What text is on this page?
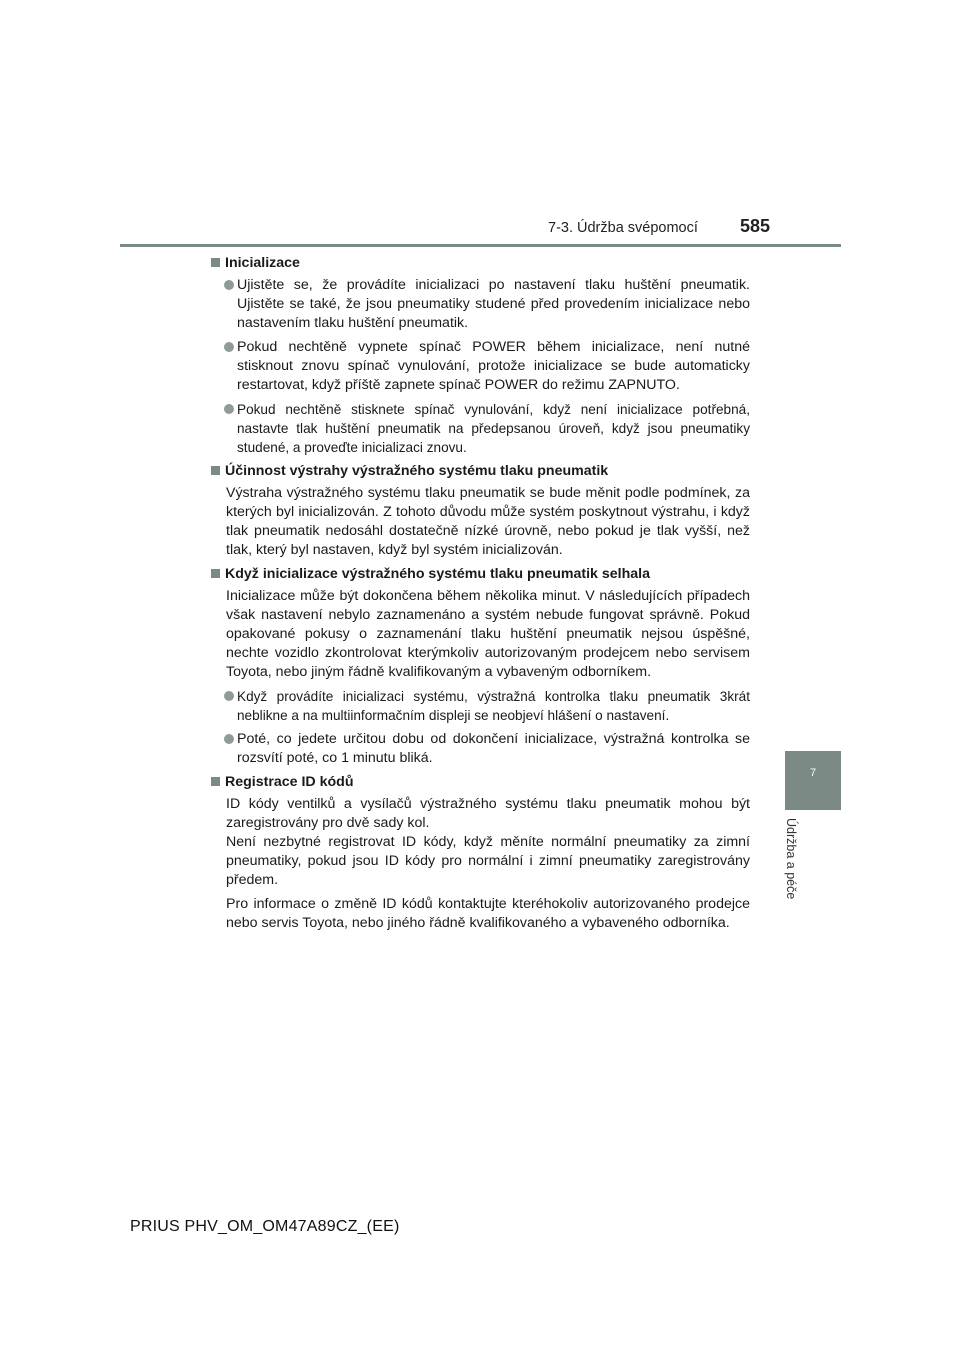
7-3. Údržba svépomocí 585
7
Údržba a péče
Inicializace
Ujistěte se, že provádíte inicializaci po nastavení tlaku huštění pneumatik. Ujistěte se také, že jsou pneumatiky studené před provedením inicializace nebo nastavením tlaku huštění pneumatik.
Pokud nechtěně vypnete spínač POWER během inicializace, není nutné stisknout znovu spínač vynulování, protože inicializace se bude automaticky restartovat, když příště zapnete spínač POWER do režimu ZAPNUTO.
Pokud nechtěně stisknete spínač vynulování, když není inicializace potřebná, nastavte tlak huštění pneumatik na předepsanou úroveň, když jsou pneumatiky studené, a proveďte inicializaci znovu.
Účinnost výstrahy výstražného systému tlaku pneumatik
Výstraha výstražného systému tlaku pneumatik se bude měnit podle podmínek, za kterých byl inicializován. Z tohoto důvodu může systém poskytnout výstrahu, i když tlak pneumatik nedosáhl dostatečně nízké úrovně, nebo pokud je tlak vyšší, než tlak, který byl nastaven, když byl systém inicializován.
Když inicializace výstražného systému tlaku pneumatik selhala
Inicializace může být dokončena během několika minut. V následujících případech však nastavení nebylo zaznamenáno a systém nebude fungovat správně. Pokud opakované pokusy o zaznamenání tlaku huštění pneumatik nejsou úspěšné, nechte vozidlo zkontrolovat kterýmkoliv autorizovaným prodejcem nebo servisem Toyota, nebo jiným řádně kvalifikovaným a vybaveným odborníkem.
Když provádíte inicializaci systému, výstražná kontrolka tlaku pneumatik 3krát neblikne a na multiinformačním displeji se neobjeví hlášení o nastavení.
Poté, co jedete určitou dobu od dokončení inicializace, výstražná kontrolka se rozsvítí poté, co 1 minutu bliká.
Registrace ID kódů
ID kódy ventilků a vysílačů výstražného systému tlaku pneumatik mohou být zaregistrovány pro dvě sady kol.
Není nezbytné registrovat ID kódy, když měníte normální pneumatiky za zimní pneumatiky, pokud jsou ID kódy pro normální i zimní pneumatiky zaregistrovány předem.
Pro informace o změně ID kódů kontaktujte kteréhokoliv autorizovaného prodejce nebo servis Toyota, nebo jiného řádně kvalifikovaného a vybaveného odborníka.
PRIUS PHV_OM_OM47A89CZ_(EE)
